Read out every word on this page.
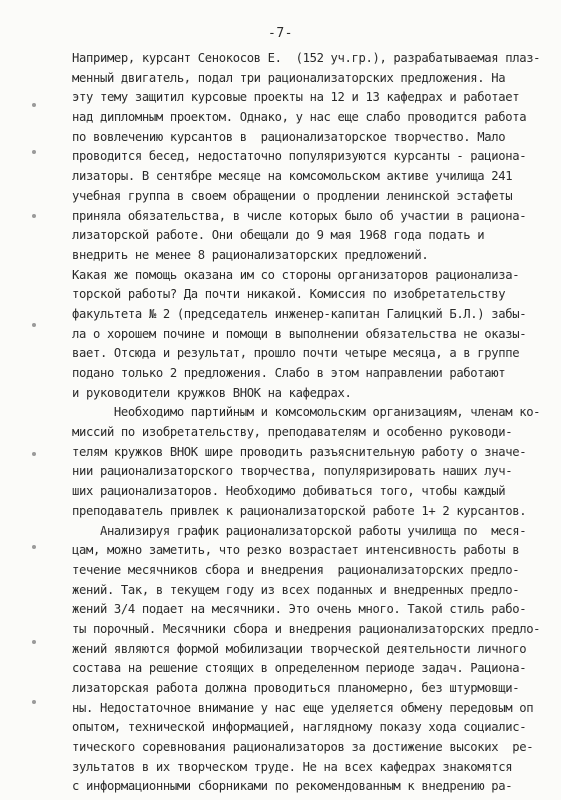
-7-
Например, курсант Сенокосов Е.  (152 уч.гр.), разрабатываемая плаз-
менный двигатель, подал три рационализаторских предложения. На
эту тему защитил курсовые проекты на 12 и 13 кафедрах и работает
над дипломным проектом. Однако, у нас еще слабо проводится работа
по вовлечению курсантов в  рационализаторское творчество. Мало
проводится бесед, недостаточно популяризуются курсанты - рациона-
лизаторы. В сентябре месяце на комсомольском активе училища 241
учебная группа в своем обращении о продлении ленинской эстафеты
приняла обязательства, в числе которых было об участии в рациона-
лизаторской работе. Они обещали до 9 мая 1968 года подать и
внедрить не менее 8 рационализаторских предложений.
Какая же помощь оказана им со стороны организаторов рационализа-
торской работы? Да почти никакой. Комиссия по изобретательству
факультета № 2 (председатель инженер-капитан Галицкий Б.Л.) забы-
ла о хорошем почине и помощи в выполнении обязательства не оказы-
вает. Отсюда и результат, прошло почти четыре месяца, а в группе
подано только 2 предложения. Слабо в этом направлении работают
и руководители кружков ВНОК на кафедрах.
Необходимо партийным и комсомольским организациям, членам ко-
миссий по изобретательству, преподавателям и особенно руководи-
телям кружков ВНОК шире проводить разъяснительную работу о значе-
нии рационализаторского творчества, популяризировать наших луч-
ших рационализаторов. Необходимо добиваться того, чтобы каждый
преподаватель привлек к рационализаторской работе 1+ 2 курсантов.
Анализируя график рационализаторской работы училища по  меся-
цам, можно заметить, что резко возрастает интенсивность работы в
течение месячников сбора и внедрения  рационализаторских предло-
жений. Так, в текущем году из всех поданных и внедренных предло-
жений 3/4 подает на месячники. Это очень много. Такой стиль рабо-
ты порочный. Месячники сбора и внедрения рационализаторских предло-
жений являются формой мобилизации творческой деятельности личного
состава на решение стоящих в определенном периоде задач. Рациона-
лизаторская работа должна проводиться планомерно, без штурмовщи-
ны. Недостаточное внимание у нас еще уделяется обмену передовым оп
опытом, технической информацией, наглядному показу хода социалис-
тического соревнования рационализаторов за достижение высоких  ре-
зультатов в их творческом труде. Не на всех кафедрах знакомятся
с информационными сборниками по рекомендованным к внедрению ра-
